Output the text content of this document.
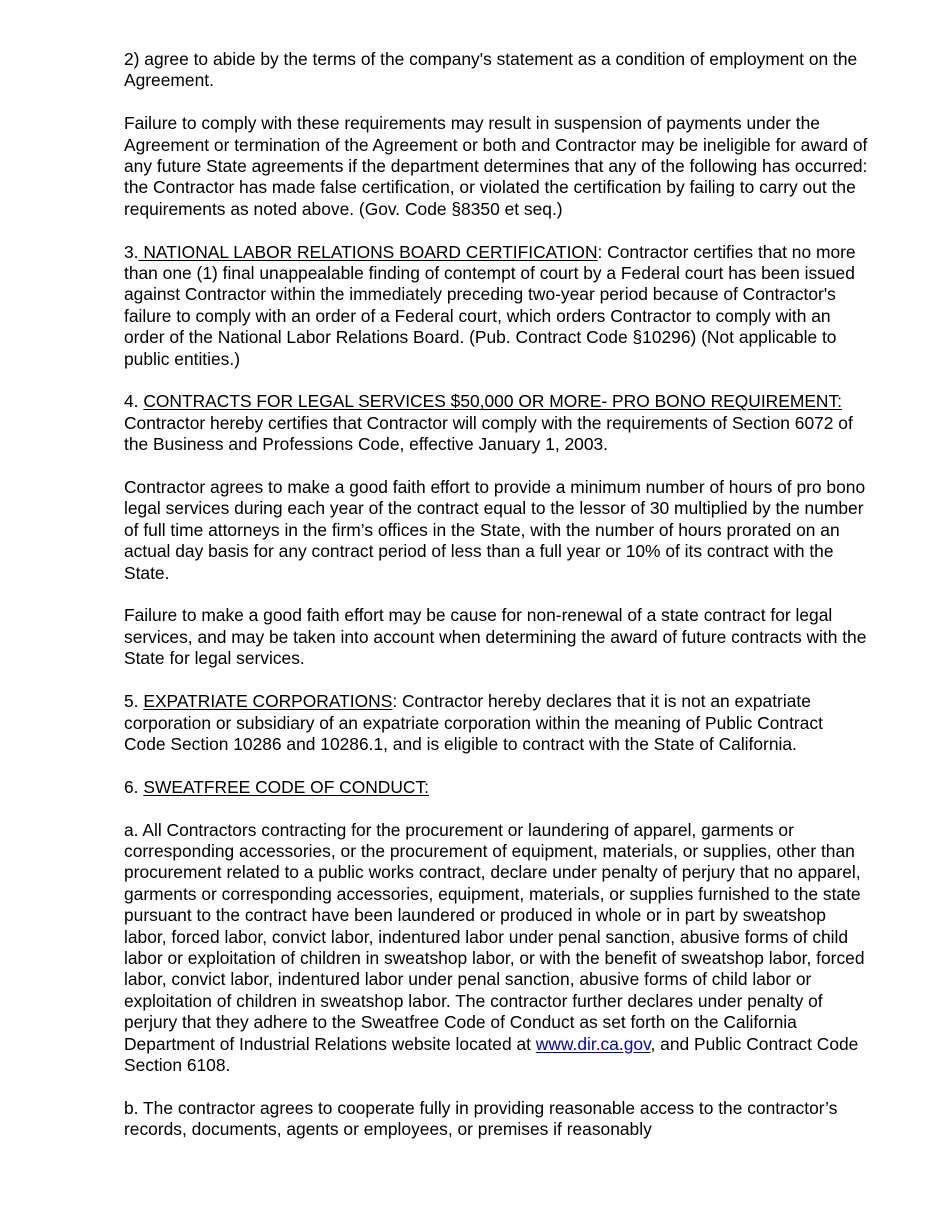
2) agree to abide by the terms of the company's statement as a condition of employment on the Agreement.

Failure to comply with these requirements may result in suspension of payments under the Agreement or termination of the Agreement or both and Contractor may be ineligible for award of any future State agreements if the department determines that any of the following has occurred: the Contractor has made false certification, or violated the certification by failing to carry out the requirements as noted above. (Gov. Code §8350 et seq.)

3. NATIONAL LABOR RELATIONS BOARD CERTIFICATION: Contractor certifies that no more than one (1) final unappealable finding of contempt of court by a Federal court has been issued against Contractor within the immediately preceding two-year period because of Contractor's failure to comply with an order of a Federal court, which orders Contractor to comply with an order of the National Labor Relations Board. (Pub. Contract Code §10296) (Not applicable to public entities.)

4. CONTRACTS FOR LEGAL SERVICES $50,000 OR MORE- PRO BONO REQUIREMENT: Contractor hereby certifies that Contractor will comply with the requirements of Section 6072 of the Business and Professions Code, effective January 1, 2003.

Contractor agrees to make a good faith effort to provide a minimum number of hours of pro bono legal services during each year of the contract equal to the lessor of 30 multiplied by the number of full time attorneys in the firm’s offices in the State, with the number of hours prorated on an actual day basis for any contract period of less than a full year or 10% of its contract with the State.

Failure to make a good faith effort may be cause for non-renewal of a state contract for legal services, and may be taken into account when determining the award of future contracts with the State for legal services.

5. EXPATRIATE CORPORATIONS: Contractor hereby declares that it is not an expatriate corporation or subsidiary of an expatriate corporation within the meaning of Public Contract Code Section 10286 and 10286.1, and is eligible to contract with the State of California.

6. SWEATFREE CODE OF CONDUCT:

a. All Contractors contracting for the procurement or laundering of apparel, garments or corresponding accessories, or the procurement of equipment, materials, or supplies, other than procurement related to a public works contract, declare under penalty of perjury that no apparel, garments or corresponding accessories, equipment, materials, or supplies furnished to the state pursuant to the contract have been laundered or produced in whole or in part by sweatshop labor, forced labor, convict labor, indentured labor under penal sanction, abusive forms of child labor or exploitation of children in sweatshop labor, or with the benefit of sweatshop labor, forced labor, convict labor, indentured labor under penal sanction, abusive forms of child labor or exploitation of children in sweatshop labor. The contractor further declares under penalty of perjury that they adhere to the Sweatfree Code of Conduct as set forth on the California Department of Industrial Relations website located at www.dir.ca.gov, and Public Contract Code Section 6108.

b. The contractor agrees to cooperate fully in providing reasonable access to the contractor’s records, documents, agents or employees, or premises if reasonably
